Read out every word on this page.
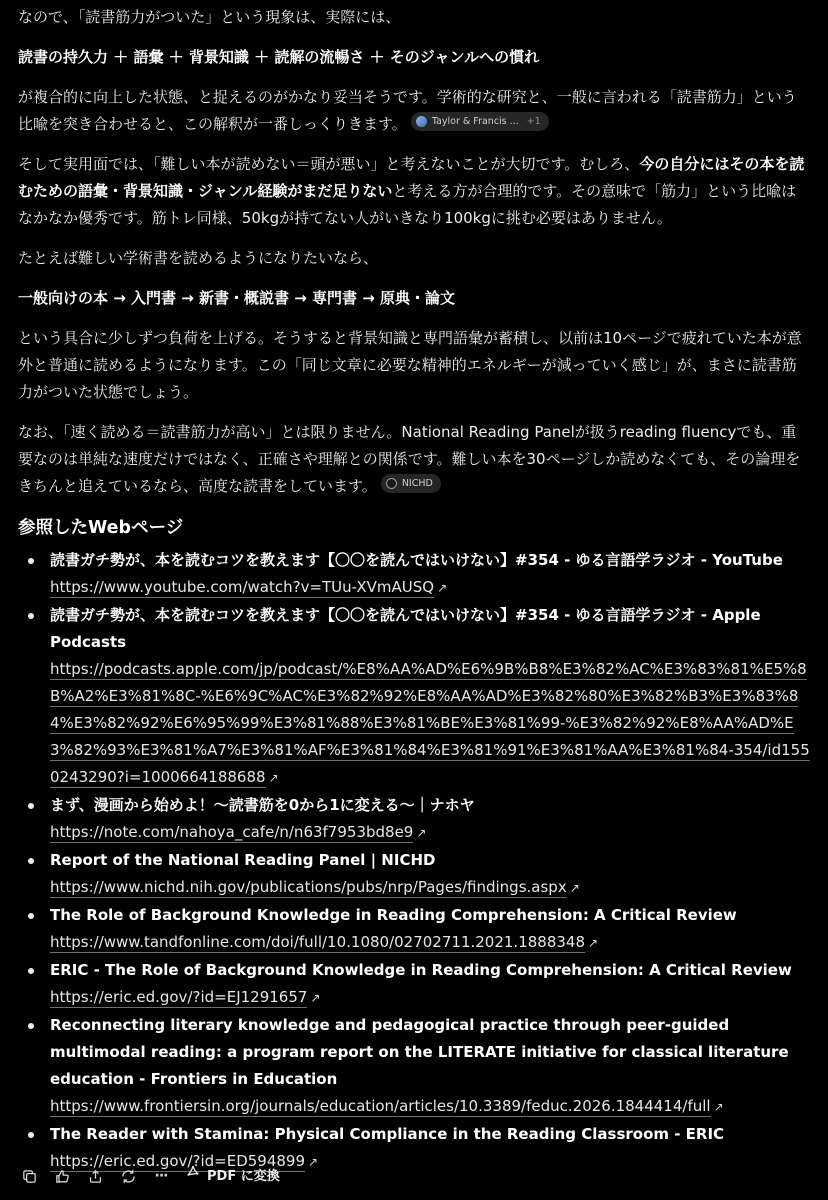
なので、「読書筋力がついた」という現象は、実際には、

読書の持久力 ＋ 語彙 ＋ 背景知識 ＋ 読解の流暢さ ＋ そのジャンルへの慣れ

が複合的に向上した状態、と捉えるのがかなり妥当そうです。学術的な研究と、一般に言われる「読書筋力」という比喩を突き合わせると、この解釈が一番しっくりきます。	Taylor & Francis ... +1

そして実用面では、「難しい本が読めない＝頭が悪い」と考えないことが大切です。むしろ、今の自分にはその本を読むための語彙・背景知識・ジャンル経験がまだ足りないと考える方が合理的です。その意味で「筋力」という比喩はなかなか優秀です。筋トレ同様、50kgが持てない人がいきなり100kgに挑む必要はありません。

たとえば難しい学術書を読めるようになりたいなら、

一般向けの本 → 入門書 → 新書・概説書 → 専門書 → 原典・論文

という具合に少しずつ負荷を上げる。そうすると背景知識と専門語彙が蓄積し、以前は10ページで疲れていた本が意外と普通に読めるようになります。この「同じ文章に必要な精神的エネルギーが減っていく感じ」が、まさに読書筋力がついた状態でしょう。

なお、「速く読める＝読書筋力が高い」とは限りません。National Reading Panelが扱うreading fluencyでも、重要なのは単純な速度だけではなく、正確さや理解との関係です。難しい本を30ページしか読めなくても、その論理をきちんと追えているなら、高度な読書をしています。	NICHD

参照したWebページ
読書ガチ勢が、本を読むコツを教えます【〇〇を読んではいけない】#354 - ゆる言語学ラジオ - YouTube
https://www.youtube.com/watch?v=TUu-XVmAUSQ ↗
読書ガチ勢が、本を読むコツを教えます【〇〇を読んではいけない】#354 - ゆる言語学ラジオ - Apple Podcasts
https://podcasts.apple.com/jp/podcast/%E8%AA%AD%E6%9B%B8%E3%82%AC%E3%83%81%E5%8B%A2%E3%81%8C-%E6%9C%AC%E3%82%92%E8%AA%AD%E3%82%80%E3%82%B3%E3%83%84%E3%82%92%E6%95%99%E3%81%88%E3%81%BE%E3%81%99-%E3%82%92%E8%AA%AD%E3%82%93%E3%81%A7%E3%81%AF%E3%81%84%E3%81%91%E3%81%AA%E3%81%84-354/id1550243290?i=1000664188688 ↗
まず、漫画から始めよ！〜読書筋を0から1に変える〜｜ナホヤ
https://note.com/nahoya_cafe/n/n63f7953bd8e9 ↗
Report of the National Reading Panel | NICHD
https://www.nichd.nih.gov/publications/pubs/nrp/Pages/findings.aspx ↗
The Role of Background Knowledge in Reading Comprehension: A Critical Review
https://www.tandfonline.com/doi/full/10.1080/02702711.2021.1888348 ↗
ERIC - The Role of Background Knowledge in Reading Comprehension: A Critical Review
https://eric.ed.gov/?id=EJ1291657 ↗
Reconnecting literary knowledge and pedagogical practice through peer-guided multimodal reading: a program report on the LITERATE initiative for classical literature education - Frontiers in Education
https://www.frontiersin.org/journals/education/articles/10.3389/feduc.2026.1844414/full ↗
The Reader with Stamina: Physical Compliance in the Reading Classroom - ERIC
https://eric.ed.gov/?id=ED594899 ↗
···	PDF に変換
